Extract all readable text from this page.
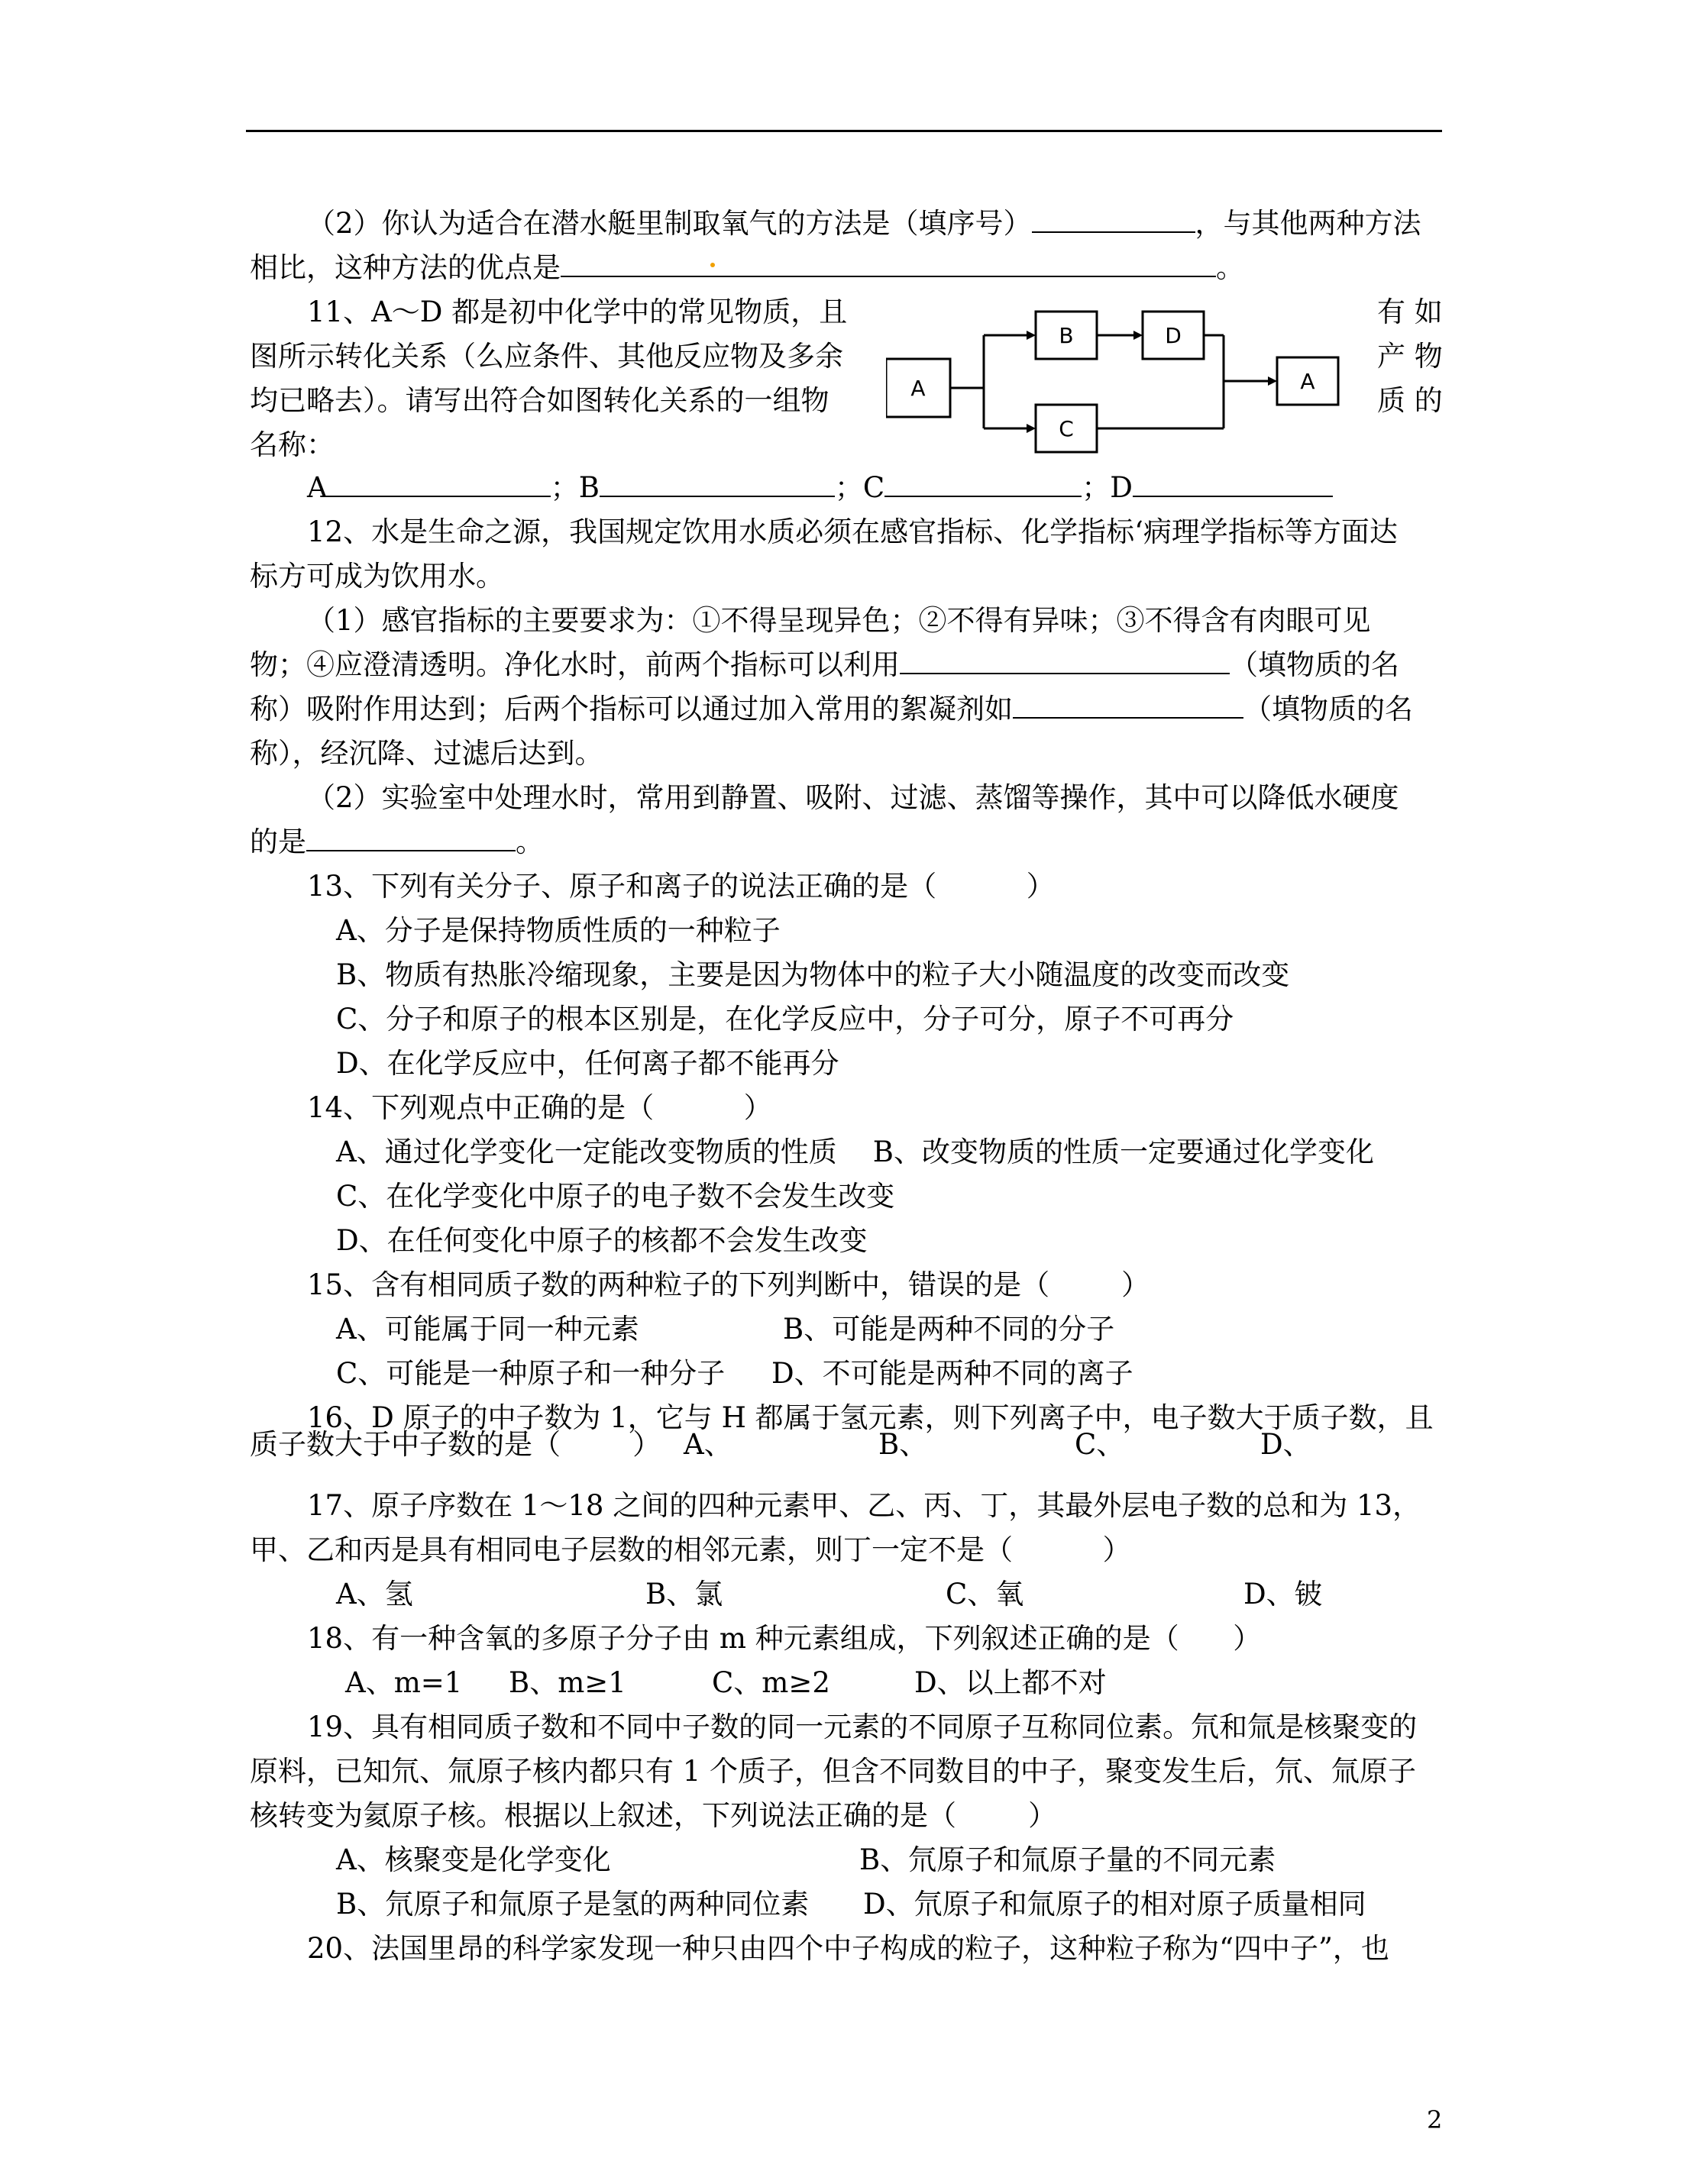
（2）你认为适合在潜水艇里制取氧气的方法是（填序号）	，与其他两种方法
相比，这种方法的优点是	。
11、A～D 都是初中化学中的常见物质，且	有 如
图所示转化关系（么应条件、其他反应物及多余	产 物
均已略去）。请写出符合如图转化关系的一组物	质 的
名称：
A	；B	；C	；D
A
B	D
C
A
12、水是生命之源，我国规定饮用水质必须在感官指标、化学指标‘病理学指标等方面达
标方可成为饮用水。
（1）感官指标的主要要求为：①不得呈现异色；②不得有异味；③不得含有肉眼可见
物；④应澄清透明。净化水时，前两个指标可以利用	（填物质的名
称）吸附作用达到；后两个指标可以通过加入常用的絮凝剂如	（填物质的名
称），经沉降、过滤后达到。
（2）实验室中处理水时，常用到静置、吸附、过滤、蒸馏等操作，其中可以降低水硬度
的是	。
13、下列有关分子、原子和离子的说法正确的是（          ）
A、分子是保持物质性质的一种粒子
B、物质有热胀冷缩现象，主要是因为物体中的粒子大小随温度的改变而改变
C、分子和原子的根本区别是，在化学反应中，分子可分，原子不可再分
D、在化学反应中，任何离子都不能再分
14、下列观点中正确的是（          ）
A、通过化学变化一定能改变物质的性质    B、改变物质的性质一定要通过化学变化
C、在化学变化中原子的电子数不会发生改变
D、在任何变化中原子的核都不会发生改变
15、含有相同质子数的两种粒子的下列判断中，错误的是（        ）
A、可能属于同一种元素	B、可能是两种不同的分子
C、可能是一种原子和一种分子 D、不可能是两种不同的离子
16、D 原子的中子数为 1，它与 H 都属于氢元素，则下列离子中，电子数大于质子数，且
质子数大于中子数的是（        ） A、	B、	C、	D、
17、原子序数在 1～18 之间的四种元素甲、乙、丙、丁，其最外层电子数的总和为 13，
甲、乙和丙是具有相同电子层数的相邻元素，则丁一定不是（          ）
A、氢	B、氯	C、氧	D、铍
18、有一种含氧的多原子分子由 m 种元素组成，下列叙述正确的是（      ）
A、m=1 B、m≥1	C、m≥2	D、以上都不对
19、具有相同质子数和不同中子数的同一元素的不同原子互称同位素。氘和氚是核聚变的
原料，已知氘、氚原子核内都只有 1 个质子，但含不同数目的中子，聚变发生后，氘、氚原子
核转变为氦原子核。根据以上叙述，下列说法正确的是（        ）
A、核聚变是化学变化	B、氘原子和氚原子量的不同元素
B、氘原子和氚原子是氢的两种同位素 D、氘原子和氚原子的相对原子质量相同
20、法国里昂的科学家发现一种只由四个中子构成的粒子，这种粒子称为“四中子”，也
2
